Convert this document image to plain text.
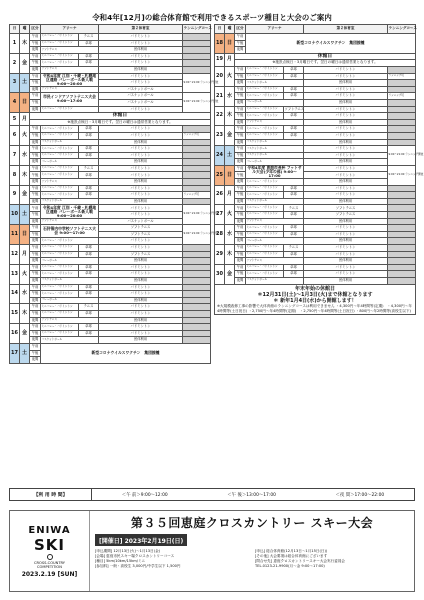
令和4年[12月]の総合体育館で利用できるスポーツ種目と大会のご案内
日	曜	区分	アリーナ		第２体育室	ランニングコース
1	木	午前	ミニバレー・バドミントン	テニス	バドミントン	
		午後	ミニバレー・バドミントン	卓球	バドミントン	
		夜間	ソフトテニス		団体利用	
2	金	午前	ミニバレー・バドミントン	卓球	バドミントン	
		午後	ミニバレー・バドミントン	卓球	バドミントン	
		夜間	ソフトテニス		団体利用	
3	土	午前	令和4年度 江別・千歳・札幌地区連絡 バレーボール新人戦 9:00〜20:00		バドミントン	9:00〜21:00 ランニング開放
		午後			バドミントン	
		夜間	ソフトテニス		バスケットボール	
4	日	午前	市民インドアソフトテニス大会 9:00〜17:00		バスケットボール	9:00〜21:00 ランニング開放
		午後			バスケットボール	
		夜間	ミニバレー・バドミントン		バドミントン	
5	月	休館日				

		※施設点検日・3月曜日です。翌日の曜日は通常営業となります。				
6	火	午前	ミニバレー・バドミントン	卓球	バドミントン	
		午後	ミニバレー・バドミントン	卓球	バドミントン	ランニング可
		夜間	バスケットボール		団体利用	
7	水	午前	ミニバレー・バドミントン	卓球	バドミントン	
		午後	ミニバレー・バドミントン	卓球	バドミントン	
		夜間	バレーボール		団体利用	
8	木	午前	ミニバレー・バドミントン	テニス	バドミントン	
		午後	ミニバレー・バドミントン	卓球	バドミントン	
		夜間	ソフトテニス		団体利用	
9	金	午前	ミニバレー・バドミントン	卓球	バドミントン	
		午後	ミニバレー・バドミントン	卓球	バドミントン	ランニング可
		夜間	バスケットボール		団体利用	
10	土	午前	令和4年度 江別・千歳・札幌地区連絡 バレーボール新人戦 9:00〜20:00		バドミントン	9:00〜21:00 ランニング開放
		午後			バドミントン	
		夜間	ソフトテニス		バスケットボール	
11	日	午前	石狩管内中学校ソフトテニス大会 9:00〜17:00		ソフトテニス	9:00〜21:00 ランニング開放
		午後			ソフトテニス	
		夜間	ミニバレー・バドミントン		バドミントン	
12	月	午前	ミニバレー・バドミントン	卓球	バドミントン	
		午後	ミニバレー・バドミントン	卓球	ソフトテニス	
		夜間	バレーボール		団体利用	
13	火	午前	ミニバレー・バドミントン	卓球	バドミントン	
		午後	ミニバレー・バドミントン	卓球	バドミントン	
		夜間	バスケットボール		団体利用	
14	水	午前	ミニバレー・バドミントン	卓球	バドミントン	
		午後	ミニバレー・バドミントン	卓球	バドミントン	
		夜間	バレーボール		団体利用	
15	木	午前	ミニバレー・バドミントン	テニス	バドミントン	
		午後	ミニバレー・バドミントン	卓球	バドミントン	
		夜間	ソフトテニス		団体利用	
16	金	午前	ミニバレー・バドミントン	卓球	バドミントン	
		午後	ミニバレー・バドミントン	卓球	バドミントン	
		夜間	バスケットボール		団体利用	
17	土	午前	新型コロナウイルスワクチン　集団接種			
		午後				
		夜間				
日	曜	区分	アリーナ		第２体育室	ランニングコース
18	日	午前	新型コロナウイルスワクチン　集団接種			
		午後				
		夜間				
19	月	休館日				

		※施設点検日・3月曜日です。翌日の曜日は通常営業となります。				
20	火	午前	ミニバレー・バドミントン	卓球	バドミントン	
		午後	ミニバレー・バドミントン	卓球	バドミントン	ランニング可
		夜間	バスケットボール		団体利用	
21	水	午前	ミニバレー・バドミントン	卓球	バドミントン	
		午後	ミニバレー・バドミントン	卓球	バドミントン	ランニング可
		夜間	バレーボール		団体利用	
22	木	午前	ミニバレー・バドミントン	ソフトテニス	バドミントン	
		午後	ミニバレー・バドミントン	卓球	バドミントン	
		夜間	ソフトテニス		団体利用	
23	金	午前	ミニバレー・バドミントン	卓球	バドミントン	
		午後	ミニバレー・バドミントン	卓球	バドミントン	
		夜間	バスケットボール		団体利用	
24	土	午前	バスケットボール		バドミントン	9:00〜21:00 ランニング開放
		午後	バスケットボール		バドミントン	
		夜間	バレーボール		団体利用	
25	日	午前	令和4年度 恵庭市長杯 フットサル大会(少年の部) 9:00〜17:00		バドミントン	9:00〜21:00 ランニング開放
		午後			バドミントン	
		夜間	ミニバレー・バドミントン		団体利用	
26	月	午前	ミニバレー・バドミントン	卓球	バドミントン	
		午後	ミニバレー・バドミントン	卓球	バドミントン	
		夜間	バスケットボール		団体利用	
27	火	午前	ミニバレー・バドミントン	テニス	ソフトテニス	
		午後	ミニバレー・バドミントン	卓球	ソフトテニス	
		夜間	ソフトテニス		団体利用	
28	水	午前	ミニバレー・バドミントン	卓球	バドミントン	
		午後	ミニバレー・バドミントン	卓球	バドミントン	
		夜間	バレーボール		団体利用	
29	木	午前	ミニバレー・バドミントン	テニス	バドミントン	
		午後	ミニバレー・バドミントン	卓球	バドミントン	
		夜間	ソフトテニス		団体利用	
30	金	午前	ミニバレー・バドミントン	卓球	バドミントン	
		午後	ミニバレー・バドミントン	卓球	バドミントン	
		夜間	バスケットボール		団体利用	

年末年始の休館日
＊12月31日(土)〜1月3日(火)まで休館となります
＊ 新年1月4日(水)から開館します！
※大規模改修工事の影響で大体育館のランニングコースは利用できません ・4,300円〜年4時間等(定期)　・4,300円〜年4時間等(土日祝日) ・2,750円〜年4時間等(定期)　・2,750円〜年4時間等(土日祝日) ・800円〜年2時間等(高校生以下)						
【利 用 時 間】	＜午 前＞9:00〜12:00	＜午 後＞13:00〜17:00	＜夜 間＞17:00〜22:00
ENIWA
SKI
CROSS-COUNTRY
COMPETITION
2023.2.19 [SUN]
第３５回恵庭クロスカントリー スキー大会
[開催日] 2023年2月19日(日)
[申込期間] 12月13日(火)〜1月13日(金)
[会場] 恵庭市民スキー場クロスカントリーコース
[種目] 5km/10km/15km/ミニ
[参加料] 一般・高校生 3,000円/中学生以下 1,500円
[申込] 総合体育館(12月13日〜1月15日(日))
[その他] 大会要項は総合体育館にございます
[問合せ先] 恵庭クロスカントリースキー大会実行委員会
TEL.0123-21-9900(月〜金 9:00〜17:00)
